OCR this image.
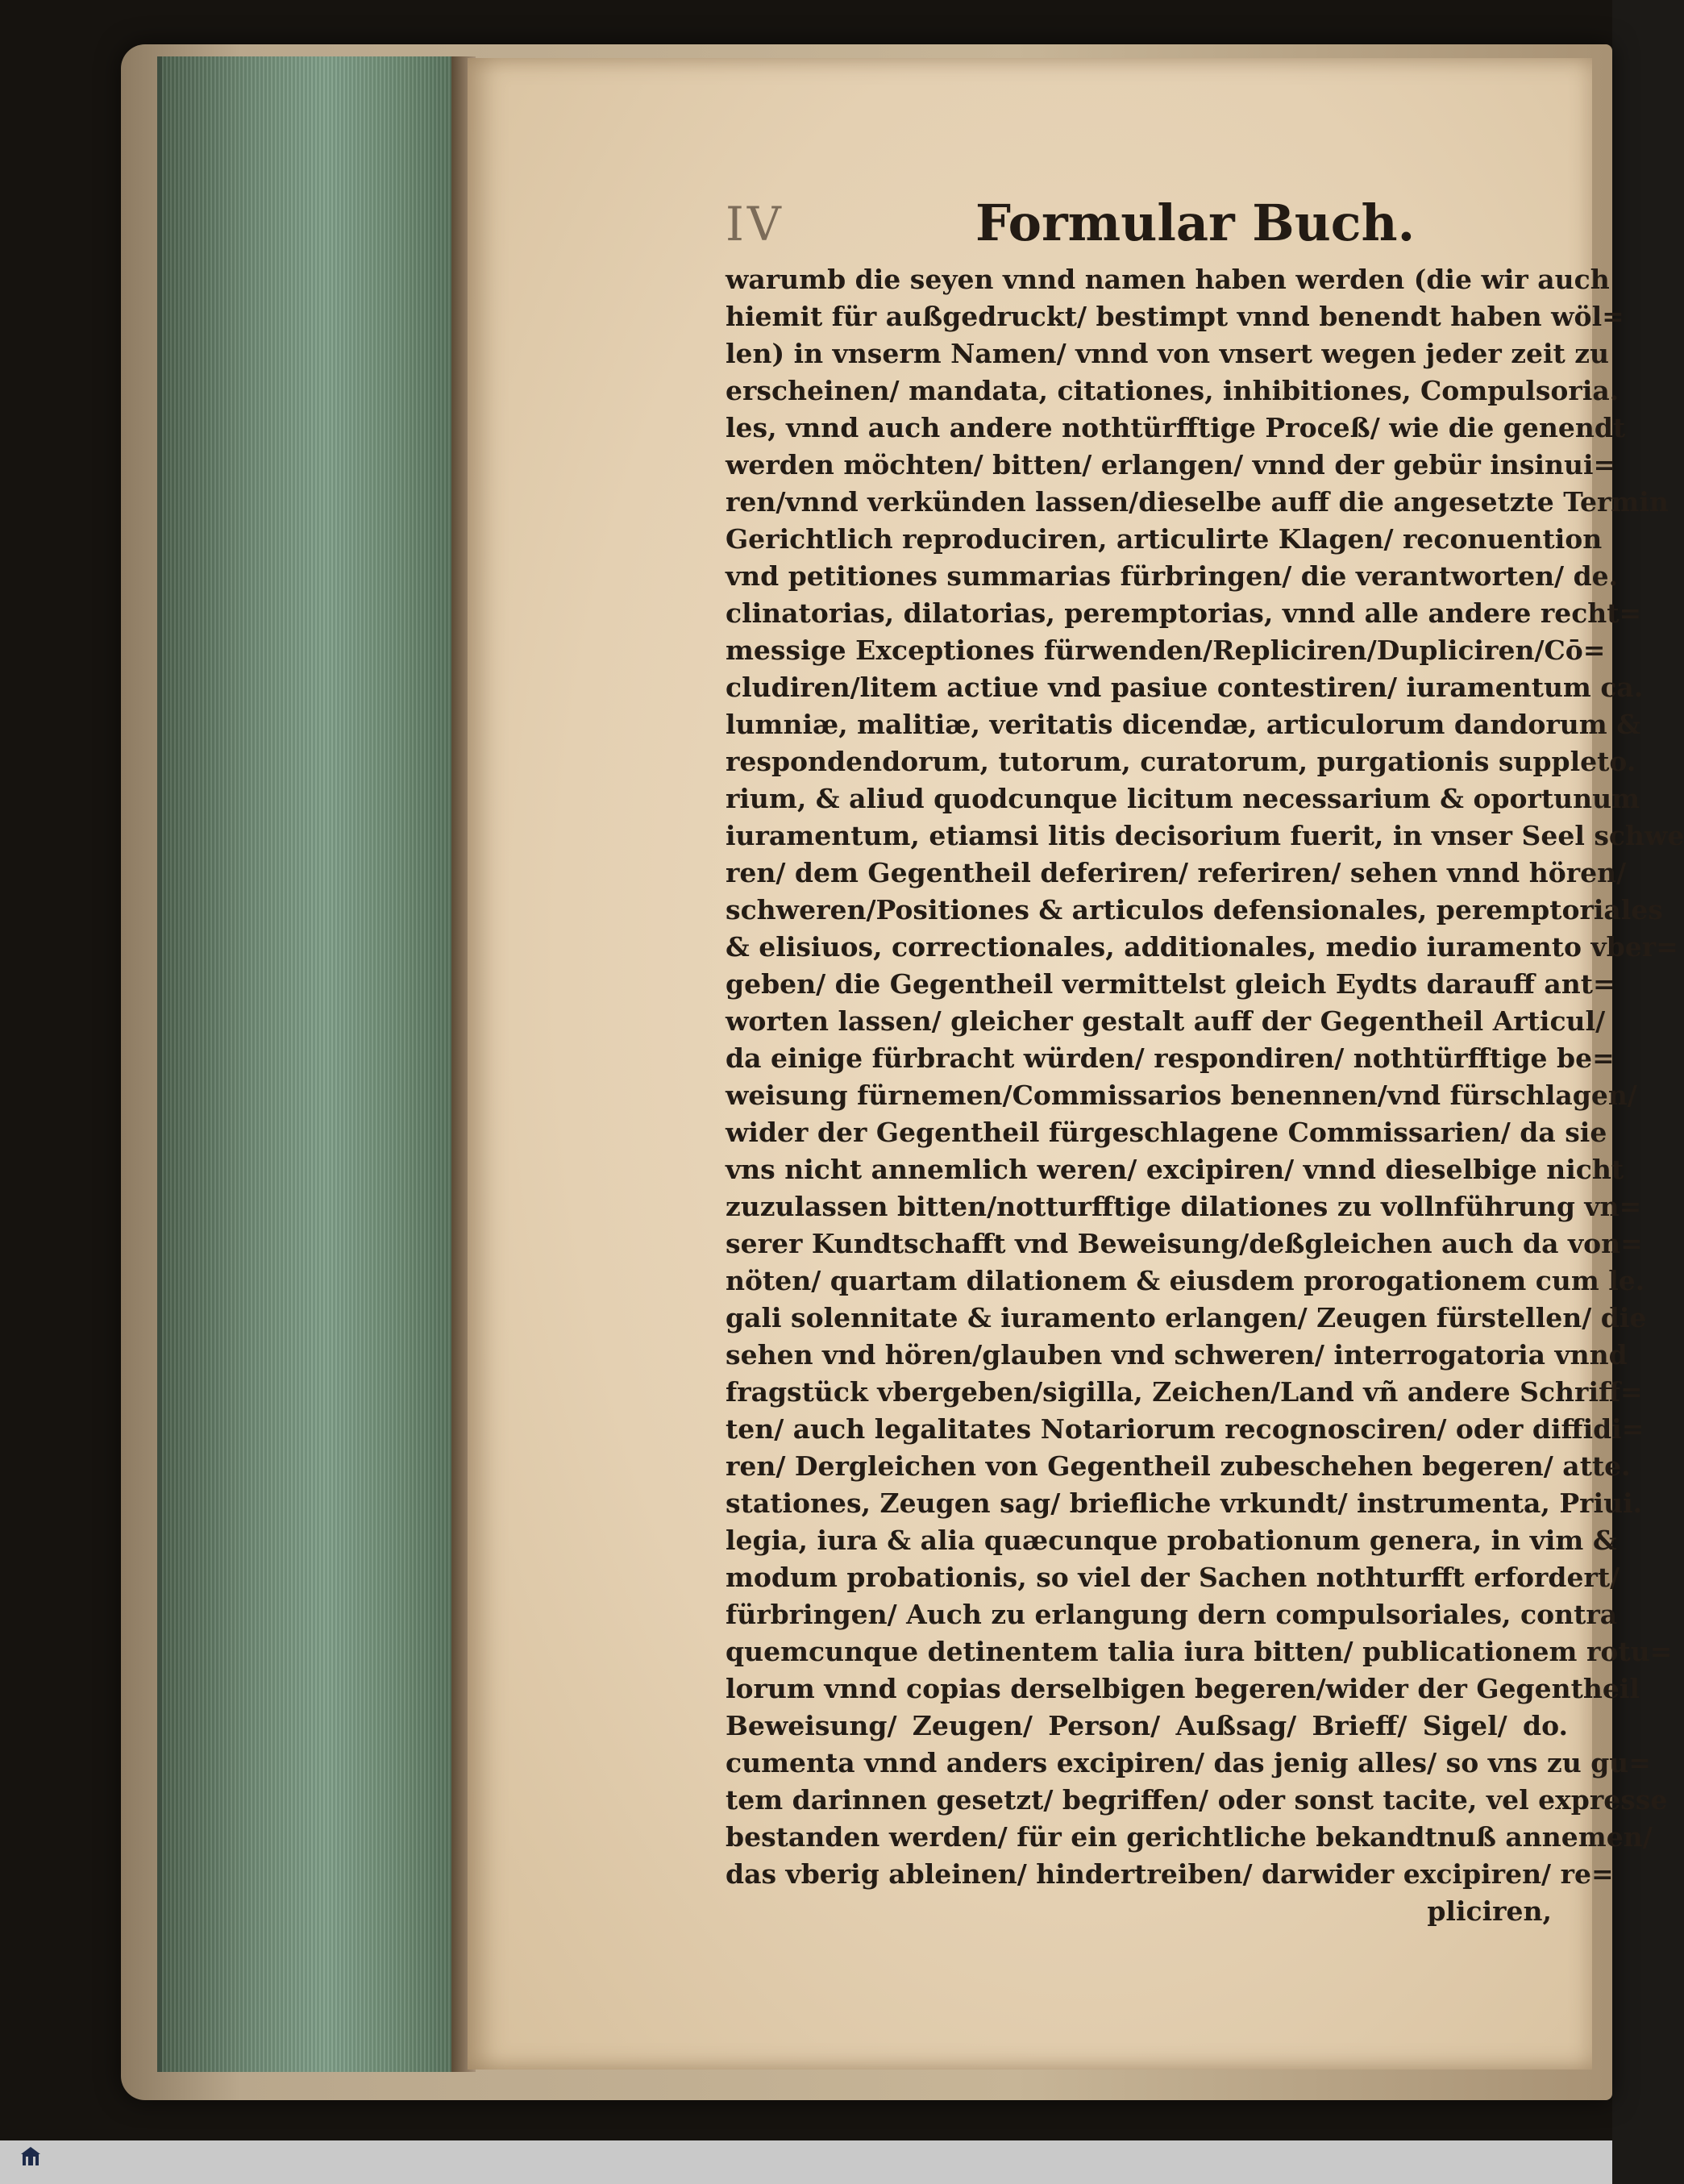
IV	Formular Buch.
warumb die seyen vnnd namen haben werden (die wir auch
hiemit für außgedruckt/ bestimpt vnnd benendt haben wöl=
len) in vnserm Namen/ vnnd von vnsert wegen jeder zeit zu
erscheinen/ mandata, citationes, inhibitiones, Compulsoria.
les, vnnd auch andere nothtürfftige Proceß/ wie die genendt
werden möchten/ bitten/ erlangen/ vnnd der gebür insinui=
ren/vnnd verkünden lassen/dieselbe auff die angesetzte Termin
Gerichtlich reproduciren, articulirte Klagen/ reconuention
vnd petitiones summarias fürbringen/ die verantworten/ de.
clinatorias, dilatorias, peremptorias, vnnd alle andere recht=
messige Exceptiones fürwenden/Repliciren/Dupliciren/Cō=
cludiren/litem actiue vnd pasiue contestiren/ iuramentum ca.
lumniæ, malitiæ, veritatis dicendæ, articulorum dandorum &
respondendorum, tutorum, curatorum, purgationis suppleto.
rium, & aliud quodcunque licitum necessarium & oportunum
iuramentum, etiamsi litis decisorium fuerit, in vnser Seel schwe
ren/ dem Gegentheil deferiren/ referiren/ sehen vnnd hören/
schweren/Positiones & articulos defensionales, peremptoriales
& elisiuos, correctionales, additionales, medio iuramento vber=
geben/ die Gegentheil vermittelst gleich Eydts darauff ant=
worten lassen/ gleicher gestalt auff der Gegentheil Articul/
da einige fürbracht würden/ respondiren/ nothtürfftige be=
weisung fürnemen/Commissarios benennen/vnd fürschlagen/
wider der Gegentheil fürgeschlagene Commissarien/ da sie
vns nicht annemlich weren/ excipiren/ vnnd dieselbige nicht
zuzulassen bitten/notturfftige dilationes zu vollnführung vn=
serer Kundtschafft vnd Beweisung/deßgleichen auch da von=
nöten/ quartam dilationem & eiusdem prorogationem cum le.
gali solennitate & iuramento erlangen/ Zeugen fürstellen/ die
sehen vnd hören/glauben vnd schweren/ interrogatoria vnnd
fragstück vbergeben/sigilla, Zeichen/Land vñ andere Schriff=
ten/ auch legalitates Notariorum recognosciren/ oder diffidi=
ren/ Dergleichen von Gegentheil zubeschehen begeren/ atte.
stationes, Zeugen sag/ briefliche vrkundt/ instrumenta, Priui.
legia, iura & alia quæcunque probationum genera, in vim &
modum probationis, so viel der Sachen nothturfft erfordert/
fürbringen/ Auch zu erlangung dern compulsoriales, contra
quemcunque detinentem talia iura bitten/ publicationem rotu=
lorum vnnd copias derselbigen begeren/wider der Gegentheil
Beweisung/ Zeugen/ Person/ Außsag/ Brieff/ Sigel/ do.
cumenta vnnd anders excipiren/ das jenig alles/ so vns zu gu=
tem darinnen gesetzt/ begriffen/ oder sonst tacite, vel expresse
bestanden werden/ für ein gerichtliche bekandtnuß annemen/
das vberig ableinen/ hindertreiben/ darwider excipiren/ re=
pliciren,
